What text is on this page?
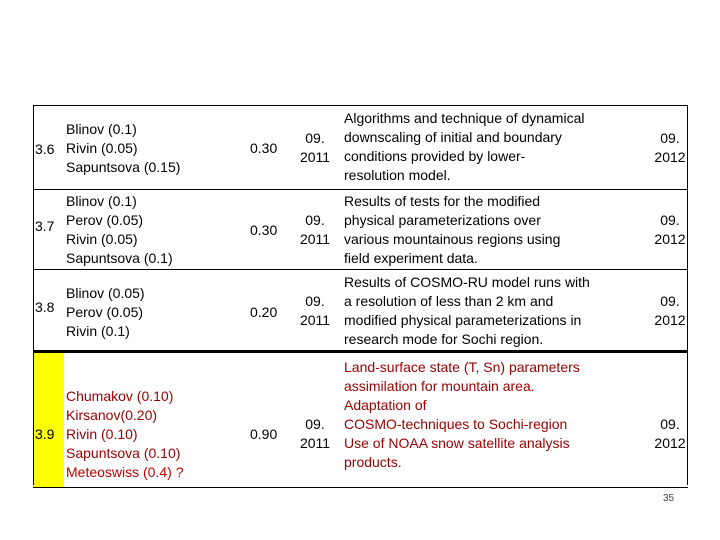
3.6
Blinov (0.1)
Rivin (0.05)
Sapuntsova (0.15)
0.30
09.
2011
Algorithms and technique of dynamical
downscaling of initial and boundary
conditions provided by lower-
resolution model.
09.
2012
3.7
Blinov (0.1)
Perov (0.05)
Rivin (0.05)
Sapuntsova (0.1)
0.30
09.
2011
Results of tests for the modified
physical parameterizations over
various mountainous regions using
field experiment data.
09.
2012
3.8
Blinov (0.05)
Perov (0.05)
Rivin (0.1)
0.20
09.
2011
Results of COSMO-RU model runs with
a resolution of less than 2 km and
modified physical parameterizations in
research mode for Sochi region.
09.
2012
3.9
Chumakov (0.10)
Kirsanov(0.20)
Rivin (0.10)
Sapuntsova (0.10)
Meteoswiss (0.4) ?
0.90
09.
2011
Land-surface state (T, Sn) parameters
assimilation for mountain area.
Adaptation of
COSMO-techniques to Sochi-region
Use of NOAA snow satellite analysis
products.
09.
2012
35
